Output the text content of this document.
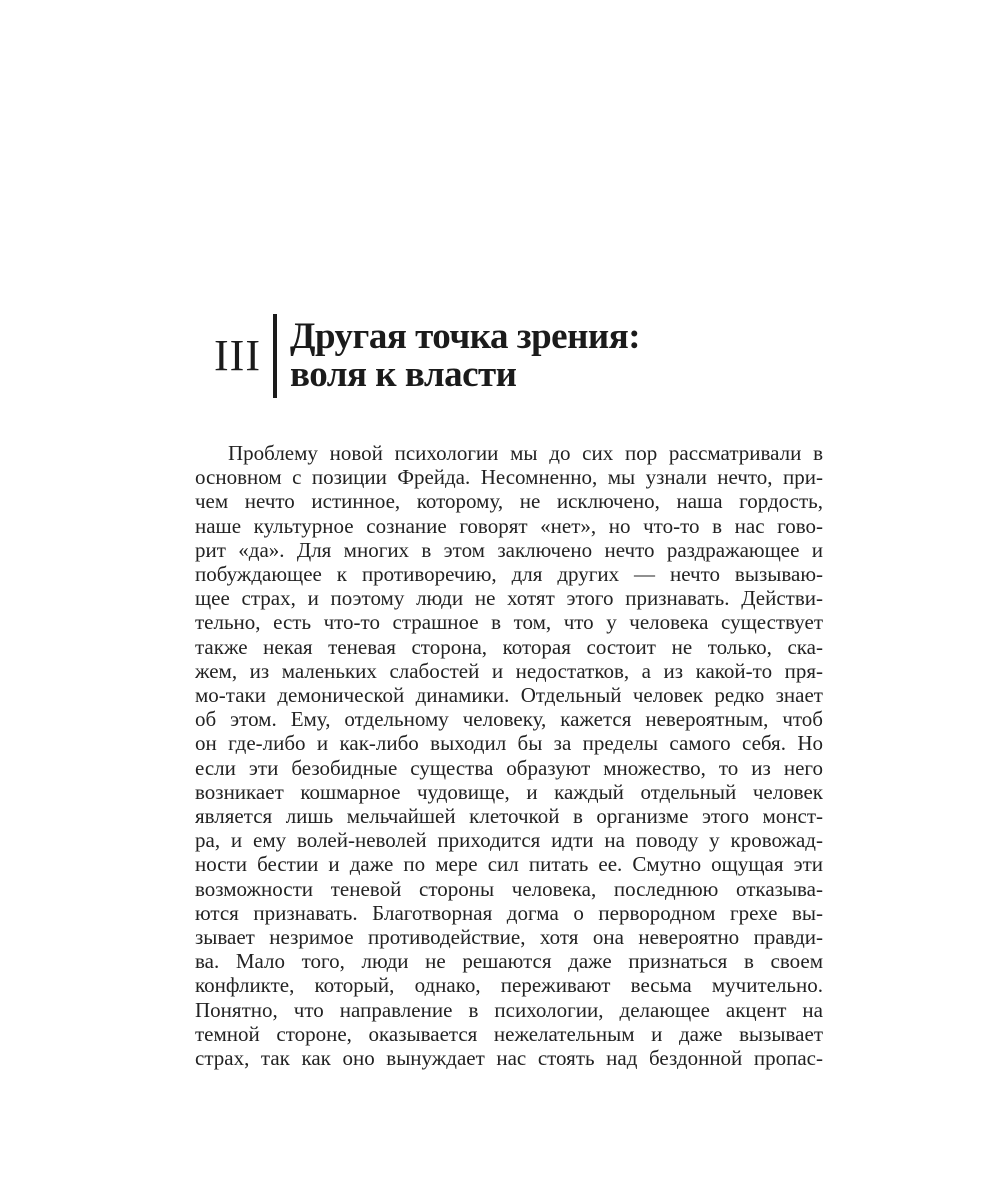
III Другая точка зрения:
воля к власти
Проблему новой психологии мы до сих пор рассматривали в
основном с позиции Фрейда. Несомненно, мы узнали нечто, при-
чем нечто истинное, которому, не исключено, наша гордость,
наше культурное сознание говорят «нет», но что-то в нас гово-
рит «да». Для многих в этом заключено нечто раздражающее и
побуждающее к противоречию, для других — нечто вызываю-
щее страх, и поэтому люди не хотят этого признавать. Действи-
тельно, есть что-то страшное в том, что у человека существует
также некая теневая сторона, которая состоит не только, ска-
жем, из маленьких слабостей и недостатков, а из какой-то пря-
мо-таки демонической динамики. Отдельный человек редко знает
об этом. Ему, отдельному человеку, кажется невероятным, чтоб
он где-либо и как-либо выходил бы за пределы самого себя. Но
если эти безобидные существа образуют множество, то из него
возникает кошмарное чудовище, и каждый отдельный человек
является лишь мельчайшей клеточкой в организме этого монст-
ра, и ему волей-неволей приходится идти на поводу у кровожад-
ности бестии и даже по мере сил питать ее. Смутно ощущая эти
возможности теневой стороны человека, последнюю отказыва-
ются признавать. Благотворная догма о первородном грехе вы-
зывает незримое противодействие, хотя она невероятно правди-
ва. Мало того, люди не решаются даже признаться в своем
конфликте, который, однако, переживают весьма мучительно.
Понятно, что направление в психологии, делающее акцент на
темной стороне, оказывается нежелательным и даже вызывает
страх, так как оно вынуждает нас стоять над бездонной пропас-
